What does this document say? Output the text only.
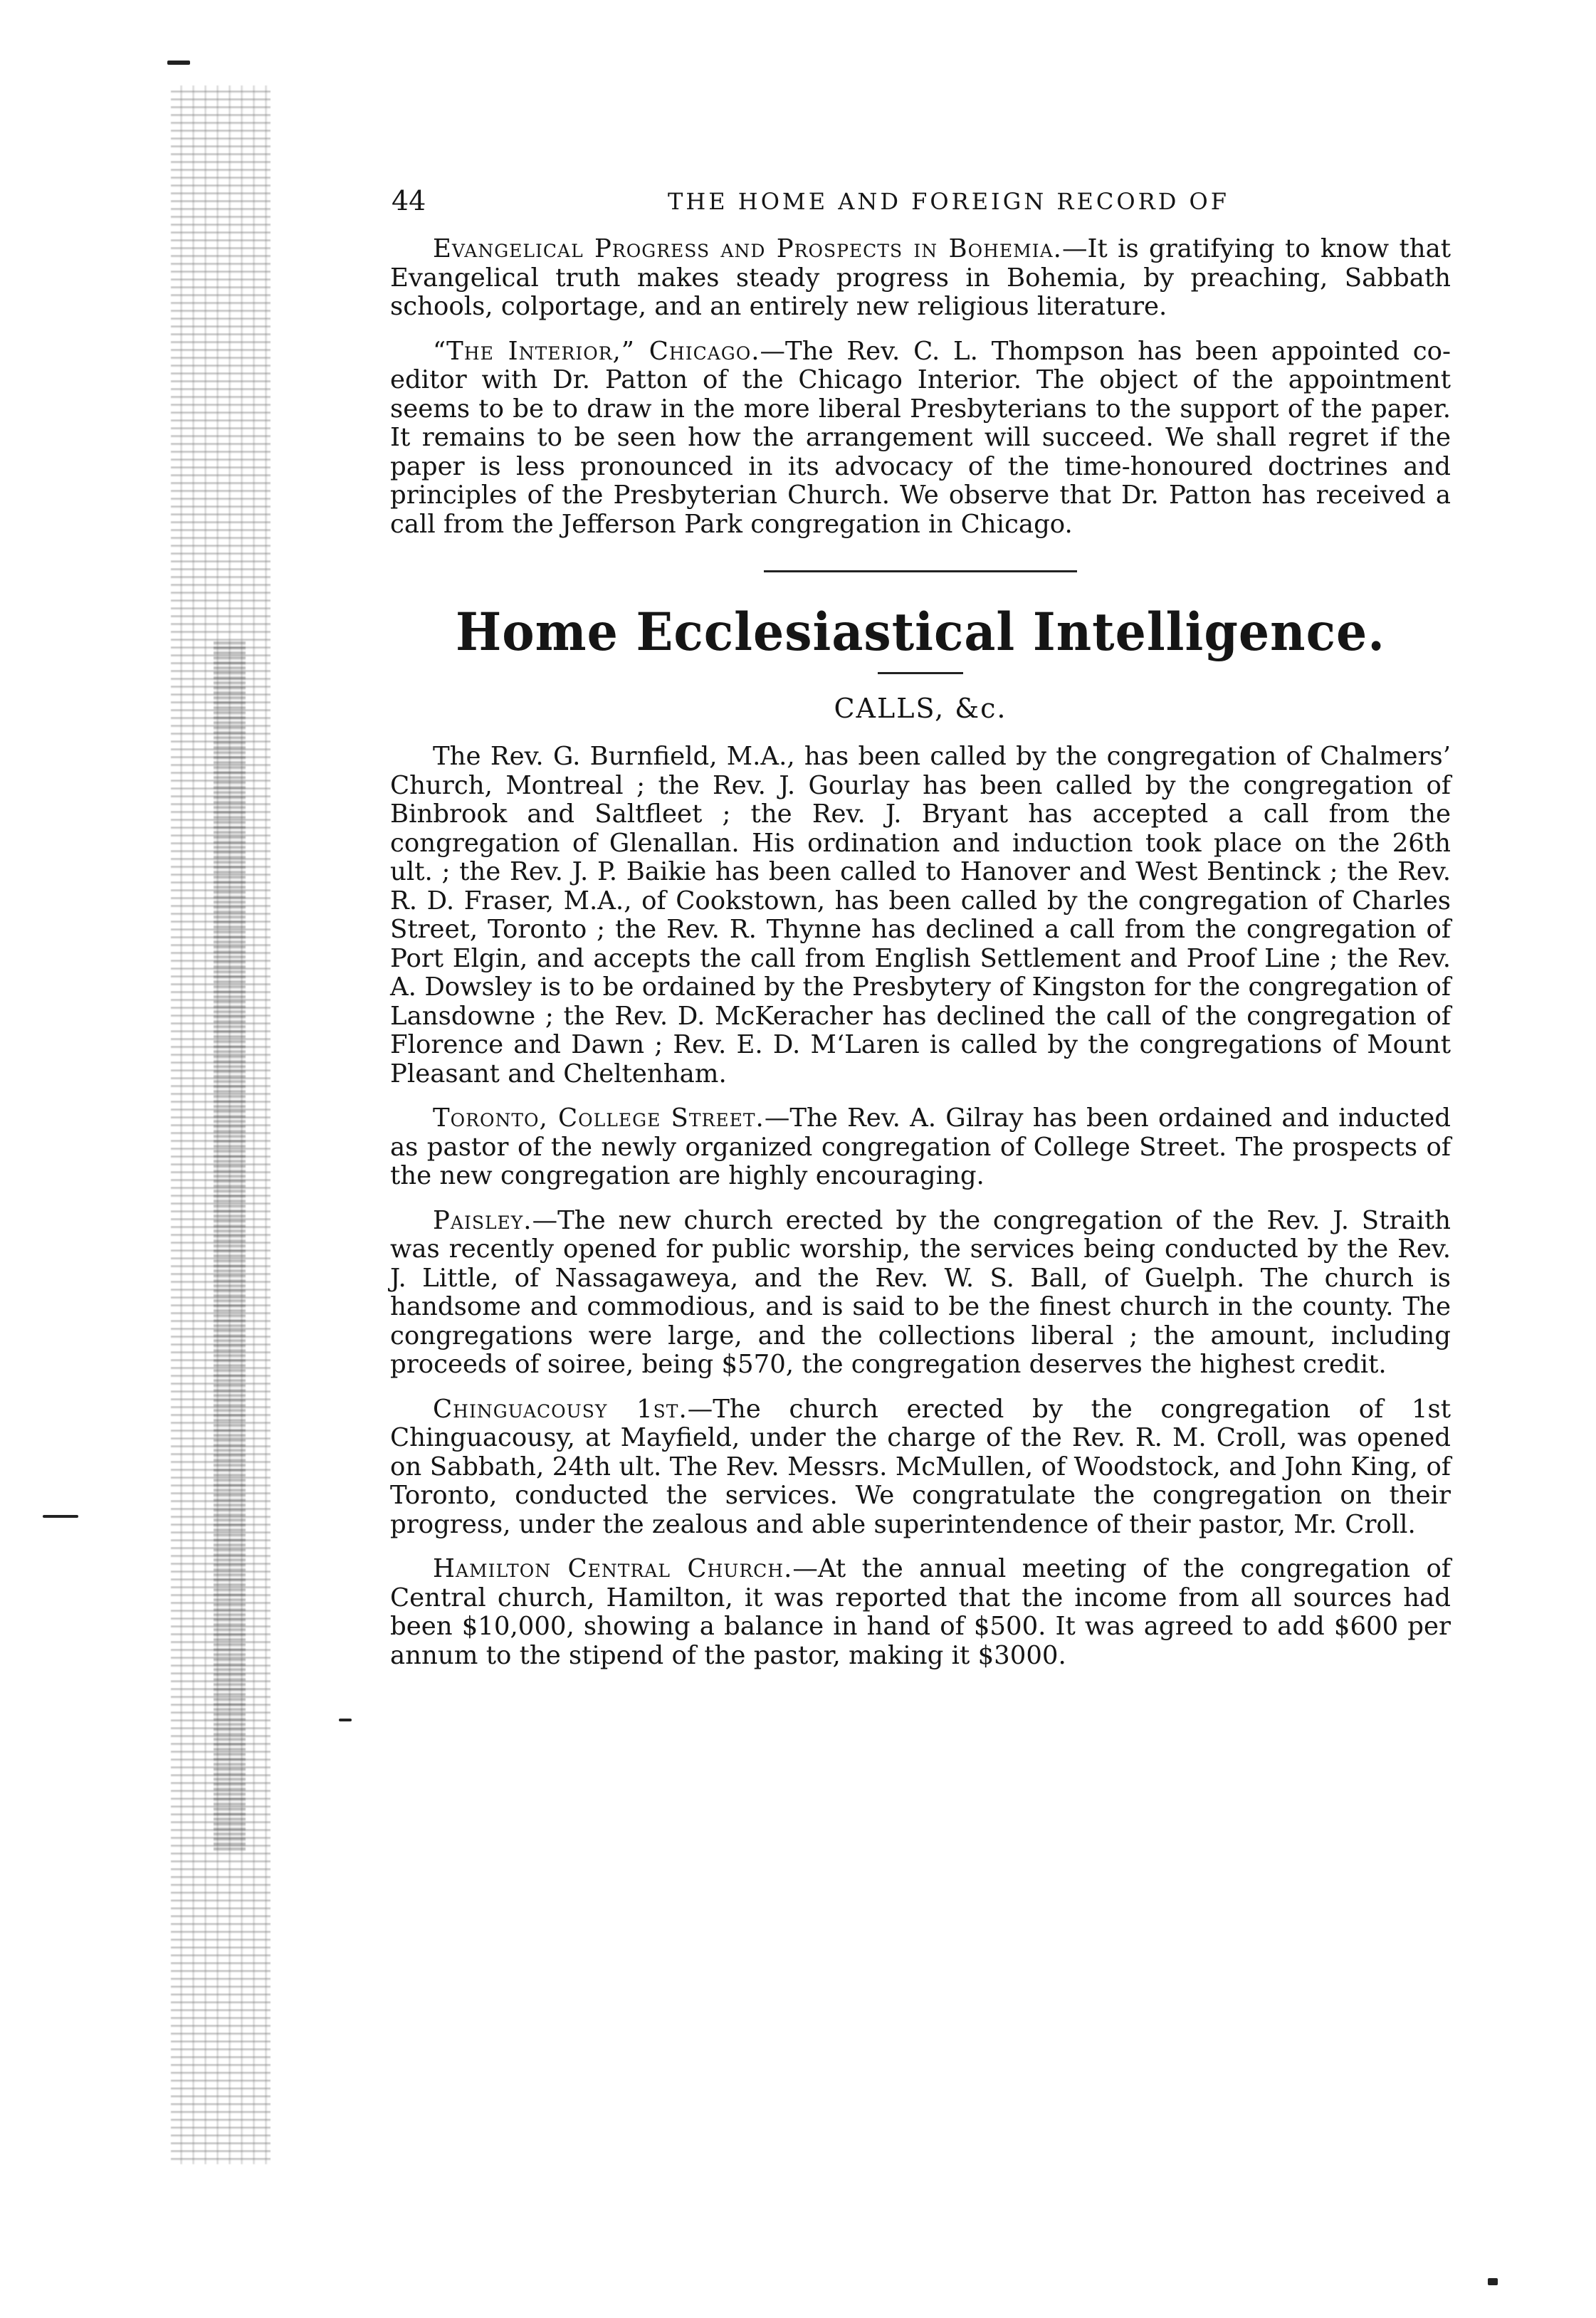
44	THE HOME AND FOREIGN RECORD OF

Evangelical Progress and Prospects in Bohemia.—It is gratifying to know that Evangelical truth makes steady progress in Bohemia, by preaching, Sabbath schools, colportage, and an entirely new religious literature.

“The Interior,” Chicago.—The Rev. C. L. Thompson has been appointed co-editor with Dr. Patton of the Chicago Interior. The object of the appointment seems to be to draw in the more liberal Presbyterians to the support of the paper. It remains to be seen how the arrangement will succeed. We shall regret if the paper is less pronounced in its advocacy of the time-honoured doctrines and principles of the Presbyterian Church. We observe that Dr. Patton has received a call from the Jefferson Park congregation in Chicago.

Home Ecclesiastical Intelligence.
CALLS, &c.

The Rev. G. Burnfield, M.A., has been called by the congregation of Chalmers’ Church, Montreal ; the Rev. J. Gourlay has been called by the congregation of Binbrook and Saltfleet ; the Rev. J. Bryant has accepted a call from the congregation of Glenallan. His ordination and induction took place on the 26th ult. ; the Rev. J. P. Baikie has been called to Hanover and West Bentinck ; the Rev. R. D. Fraser, M.A., of Cookstown, has been called by the congregation of Charles Street, Toronto ; the Rev. R. Thynne has declined a call from the congregation of Port Elgin, and accepts the call from English Settlement and Proof Line ; the Rev. A. Dowsley is to be ordained by the Presbytery of Kingston for the congregation of Lansdowne ; the Rev. D. McKeracher has declined the call of the congregation of Florence and Dawn ; Rev. E. D. M‘Laren is called by the congregations of Mount Pleasant and Cheltenham.

Toronto, College Street.—The Rev. A. Gilray has been ordained and inducted as pastor of the newly organized congregation of College Street. The prospects of the new congregation are highly encouraging.

Paisley.—The new church erected by the congregation of the Rev. J. Straith was recently opened for public worship, the services being conducted by the Rev. J. Little, of Nassagaweya, and the Rev. W. S. Ball, of Guelph. The church is handsome and commodious, and is said to be the finest church in the county. The congregations were large, and the collections liberal ; the amount, including proceeds of soiree, being $570, the congregation deserves the highest credit.

Chinguacousy 1st.—The church erected by the congregation of 1st Chinguacousy, at Mayfield, under the charge of the Rev. R. M. Croll, was opened on Sabbath, 24th ult. The Rev. Messrs. McMullen, of Woodstock, and John King, of Toronto, conducted the services. We congratulate the congregation on their progress, under the zealous and able superintendence of their pastor, Mr. Croll.

Hamilton Central Church.—At the annual meeting of the congregation of Central church, Hamilton, it was reported that the income from all sources had been $10,000, showing a balance in hand of $500. It was agreed to add $600 per annum to the stipend of the pastor, making it $3000.
